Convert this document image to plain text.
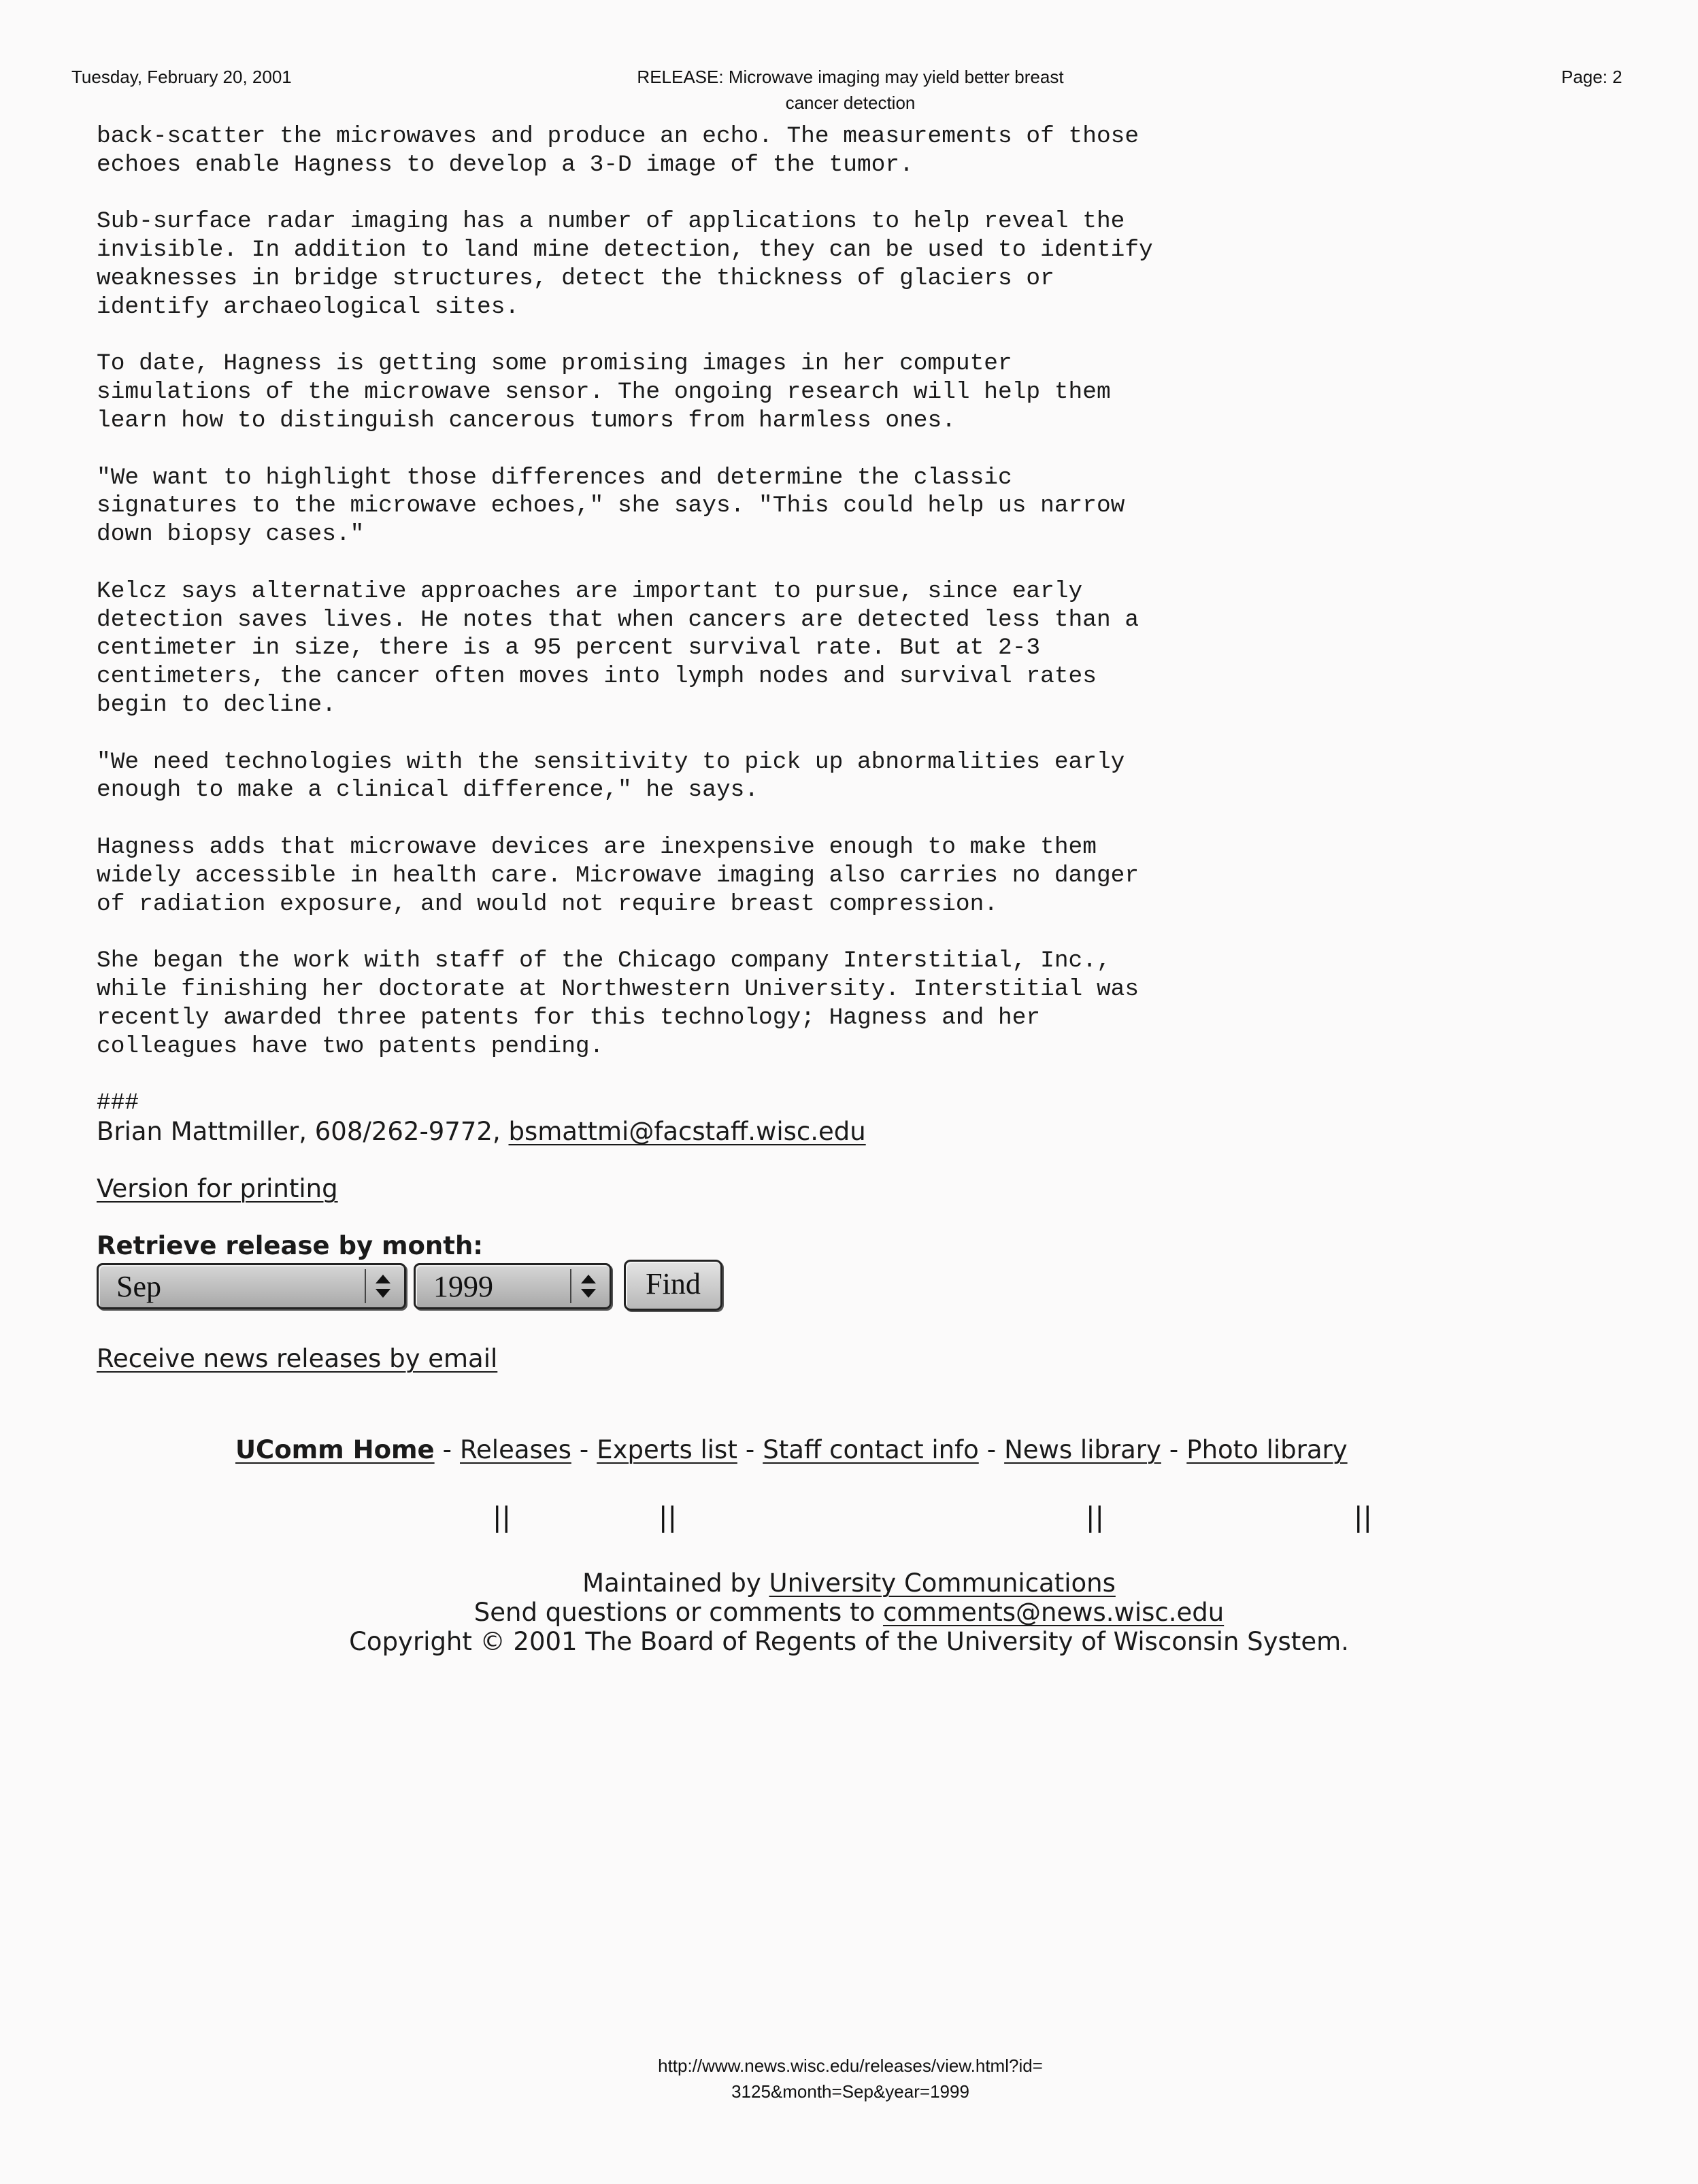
Tuesday, February 20, 2001	RELEASE: Microwave imaging may yield better breast
cancer detection
Page: 2

back-scatter the microwaves and produce an echo. The measurements of those
echoes enable Hagness to develop a 3-D image of the tumor.

Sub-surface radar imaging has a number of applications to help reveal the
invisible. In addition to land mine detection, they can be used to identify
weaknesses in bridge structures, detect the thickness of glaciers or
identify archaeological sites.

To date, Hagness is getting some promising images in her computer
simulations of the microwave sensor. The ongoing research will help them
learn how to distinguish cancerous tumors from harmless ones.

"We want to highlight those differences and determine the classic
signatures to the microwave echoes," she says. "This could help us narrow
down biopsy cases."

Kelcz says alternative approaches are important to pursue, since early
detection saves lives. He notes that when cancers are detected less than a
centimeter in size, there is a 95 percent survival rate. But at 2-3
centimeters, the cancer often moves into lymph nodes and survival rates
begin to decline.

"We need technologies with the sensitivity to pick up abnormalities early
enough to make a clinical difference," he says.

Hagness adds that microwave devices are inexpensive enough to make them
widely accessible in health care. Microwave imaging also carries no danger
of radiation exposure, and would not require breast compression.

She began the work with staff of the Chicago company Interstitial, Inc.,
while finishing her doctorate at Northwestern University. Interstitial was
recently awarded three patents for this technology; Hagness and her
colleagues have two patents pending.

###
Brian Mattmiller, 608/262-9772, bsmattmi@facstaff.wisc.edu
Version for printing
Retrieve release by month:
Sep	1999	Find
Receive news releases by email
UComm Home - Releases - Experts list - Staff contact info - News library - Photo library
||	||	||	||
Maintained by University Communications
Send questions or comments to comments@news.wisc.edu
Copyright © 2001 The Board of Regents of the University of Wisconsin System.
http://www.news.wisc.edu/releases/view.html?id=
3125&month=Sep&year=1999
